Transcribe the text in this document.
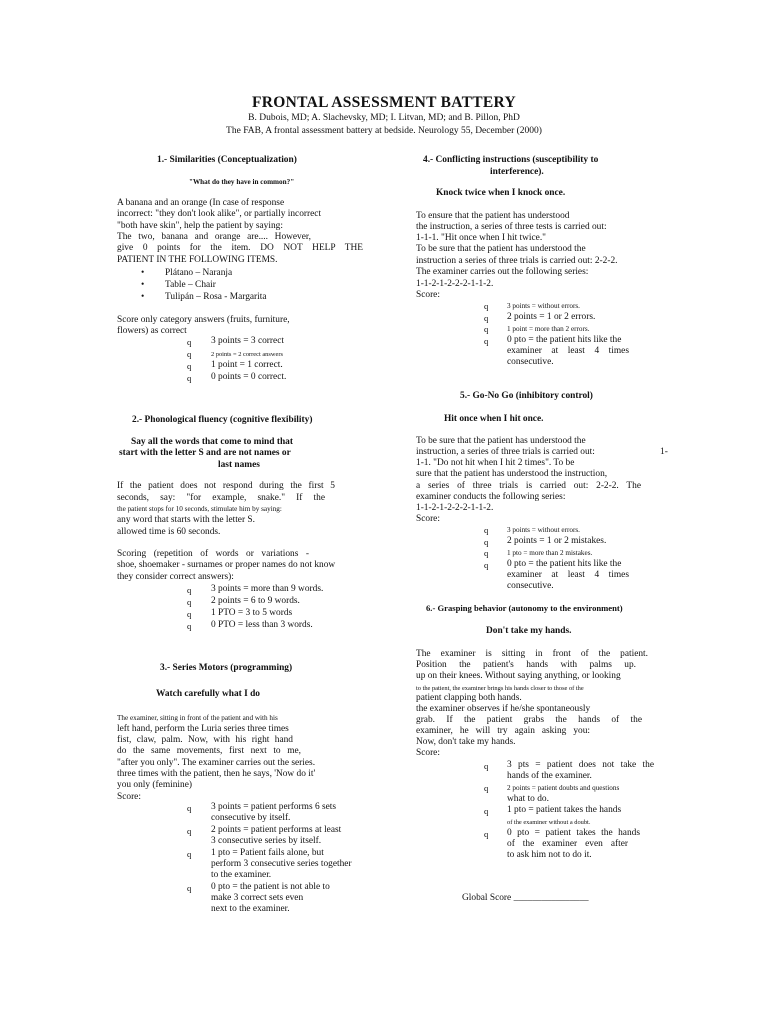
FRONTAL ASSESSMENT BATTERY
B. Dubois, MD; A. Slachevsky, MD; I. Litvan, MD; and B. Pillon, PhD
The FAB, A frontal assessment battery at bedside. Neurology 55, December (2000)
1.- Similarities (Conceptualization)
"What do they have in common?"
A banana and an orange (In case of response
incorrect: "they don't look alike", or partially incorrect
"both have skin", help the patient by saying:
The two, banana and orange are.... However,
give 0 points for the item. DO NOT HELP THE
PATIENT IN THE FOLLOWING ITEMS.
• Plátano – Naranja
• Table – Chair
• Tulipán – Rosa - Margarita
Score only category answers (fruits, furniture,
flowers) as correct
q 3 points = 3 correct
q	2 points = 2 correct answers
q 1 point = 1 correct.
q 0 points = 0 correct.
2.- Phonological fluency (cognitive flexibility)
Say all the words that come to mind that
start with the letter S and are not names or
last names
If the patient does not respond during the first 5
seconds, say: "for example, snake." If the
the patient stops for 10 seconds, stimulate him by saying:
any word that starts with the letter S.
allowed time is 60 seconds.
Scoring (repetition of words or variations -
shoe, shoemaker - surnames or proper names do not know
they consider correct answers):
q 3 points = more than 9 words.
q 2 points = 6 to 9 words.
q 1 PTO = 3 to 5 words
q 0 PTO = less than 3 words.
3.- Series Motors (programming)
Watch carefully what I do
The examiner, sitting in front of the patient and with his
left hand, perform the Luria series three times
fist, claw, palm. Now, with his right hand
do the same movements, first next to me,
"after you only". The examiner carries out the series.
three times with the patient, then he says, 'Now do it'
you only (feminine)
Score:
q 3 points = patient performs 6 sets
consecutive by itself.
q 2 points = patient performs at least
3 consecutive series by itself.
q 1 pto = Patient fails alone, but
perform 3 consecutive series together
to the examiner.
q 0 pto = the patient is not able to
make 3 correct sets even
next to the examiner.
4.- Conflicting instructions (susceptibility to
interference).
Knock twice when I knock once.
To ensure that the patient has understood
the instruction, a series of three tests is carried out:
1-1-1. "Hit once when I hit twice."
To be sure that the patient has understood the
instruction a series of three trials is carried out: 2-2-2.
The examiner carries out the following series:
1-1-2-1-2-2-2-1-1-2.
Score:
q	3 points = without errors.
q 2 points = 1 or 2 errors.
q	1 point = more than 2 errors.
q 0 pto = the patient hits like the
examiner at least 4 times
consecutive.
5.- Go-No Go (inhibitory control)
Hit once when I hit once.
To be sure that the patient has understood the
instruction, a series of three trials is carried out:	1-
1-1. "Do not hit when I hit 2 times". To be
sure that the patient has understood the instruction,
a series of three trials is carried out: 2-2-2. The
examiner conducts the following series:
1-1-2-1-2-2-2-1-1-2.
Score:
q	3 points = without errors.
q 2 points = 1 or 2 mistakes.
q	1 pto = more than 2 mistakes.
q 0 pto = the patient hits like the
examiner at least 4 times
consecutive.
6.- Grasping behavior (autonomy to the environment)
Don't take my hands.
The examiner is sitting in front of the patient.
Position the patient's hands with palms up.
up on their knees. Without saying anything, or looking
to the patient, the examiner brings his hands closer to those of the
patient clapping both hands.
the examiner observes if he/she spontaneously
grab. If the patient grabs the hands of the
examiner, he will try again asking you:
Now, don't take my hands.
Score:
q 3 pts = patient does not take the
hands of the examiner.
q	2 points = patient doubts and questions
what to do.
q 1 pto = patient takes the hands
of the examiner without a doubt.
q 0 pto = patient takes the hands
of the examiner even after
to ask him not to do it.
Global Score ________________
